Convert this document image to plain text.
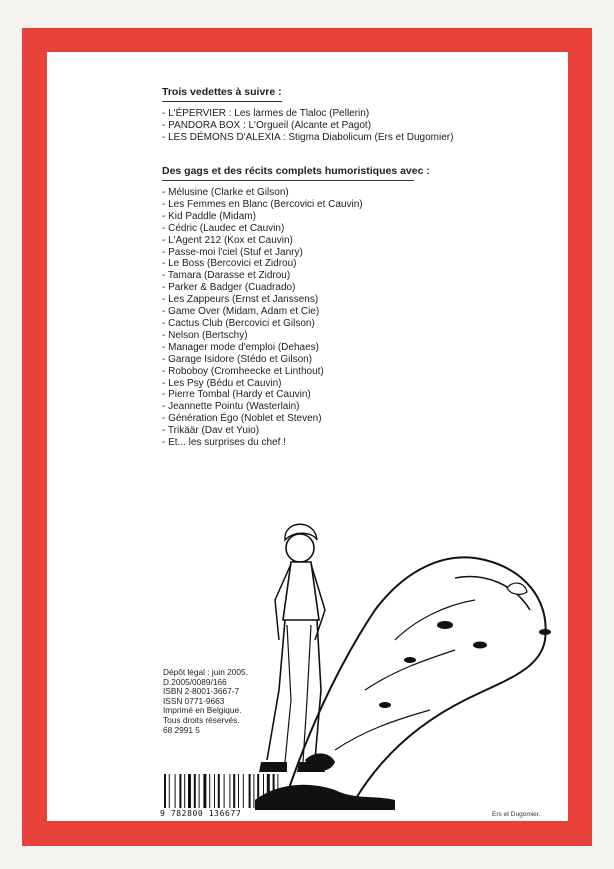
Trois vedettes à suivre :
- L'ÉPERVIER : Les larmes de Tlaloc (Pellerin)
- PANDORA BOX : L'Orgueil (Alcante et Pagot)
- LES DÉMONS D'ALEXIA : Stigma Diabolicum (Ers et Dugomier)
Des gags et des récits complets humoristiques avec :
- Mélusine (Clarke et Gilson)
- Les Femmes en Blanc (Bercovici et Cauvin)
- Kid Paddle (Midam)
- Cédric (Laudec et Cauvin)
- L'Agent 212 (Kox et Cauvin)
- Passe-moi l'ciel (Stuf et Janry)
- Le Boss (Bercovici et Zidrou)
- Tamara (Darasse et Zidrou)
- Parker & Badger (Cuadrado)
- Les Zappeurs (Ernst et Janssens)
- Game Over (Midam, Adam et Cie)
- Cactus Club (Bercovici et Gilson)
- Nelson (Bertschy)
- Manager mode d'emploi (Dehaes)
- Garage Isidore (Stédo et Gilson)
- Roboboy (Cromheecke et Linthout)
- Les Psy (Bédu et Cauvin)
- Pierre Tombal (Hardy et Cauvin)
- Jeannette Pointu (Wasterlain)
- Génération Égo (Noblet et Steven)
- Trikäär (Dav et Yuio)
- Et... les surprises du chef !
Dépôt légal : juin 2005.
D.2005/0089/166
ISBN 2-8001-3667-7
ISSN 0771-9663
Imprimé en Belgique.
Tous droits réservés.
68 2991 5
9 782800 136677	Ers et Dugomier.
